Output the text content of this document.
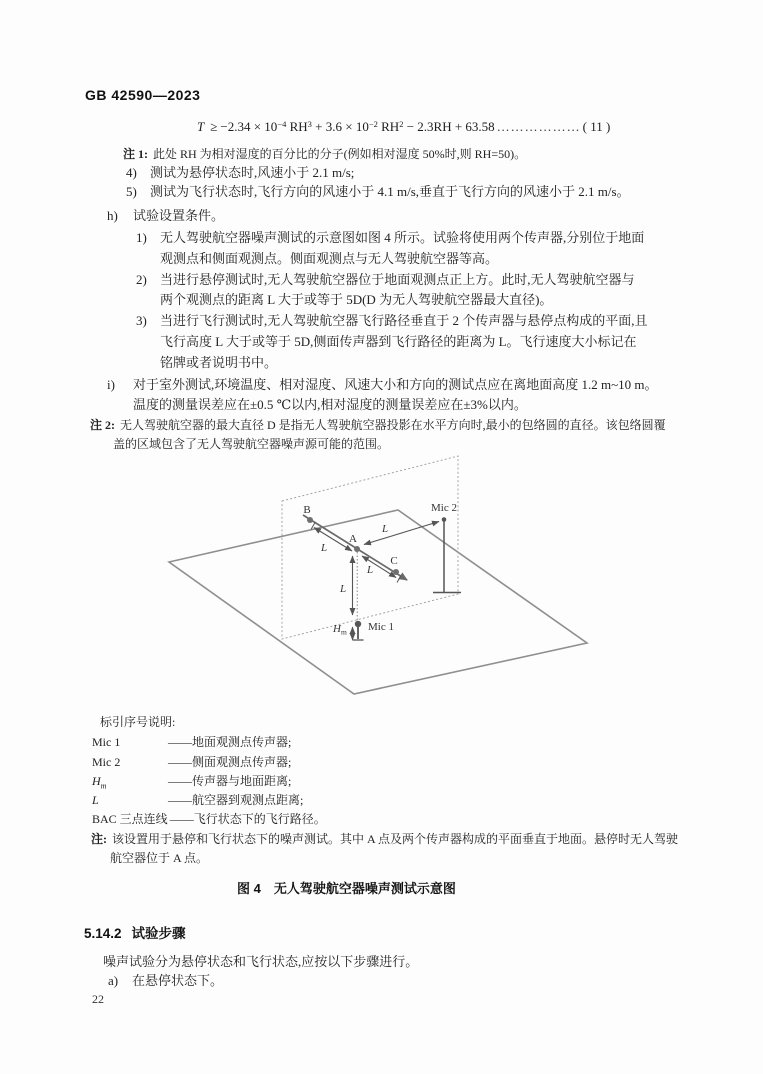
GB 42590—2023
$T \ge -2.34 \times 10^{-4}$ $RH^3 + 3.6 \times 10^{-2}$ $RH^2 - 2.3RH + 63.58$ ……………… ( 11 )
注 1: 此处 RH 为相对湿度的百分比的分子(例如相对湿度 50%时,则 RH=50)。
4) 测试为悬停状态时,风速小于 2.1 m/s;
5) 测试为飞行状态时,飞行方向的风速小于 4.1 m/s,垂直于飞行方向的风速小于 2.1 m/s。
h) 试验设置条件。
1) 无人驾驶航空器噪声测试的示意图如图 4 所示。试验将使用两个传声器,分别位于地面
观测点和侧面观测点。侧面观测点与无人驾驶航空器等高。
2) 当进行悬停测试时,无人驾驶航空器位于地面观测点正上方。此时,无人驾驶航空器与
两个观测点的距离 L 大于或等于 5D(D 为无人驾驶航空器最大直径)。
3) 当进行飞行测试时,无人驾驶航空器飞行路径垂直于 2 个传声器与悬停点构成的平面,且
飞行高度 L 大于或等于 5D,侧面传声器到飞行路径的距离为 L。飞行速度大小标记在
铭牌或者说明书中。
i) 对于室外测试,环境温度、相对湿度、风速大小和方向的测试点应在离地面高度 1.2 m~10 m。
温度的测量误差应在±0.5 ℃以内,相对湿度的测量误差应在±3%以内。
注 2: 无人驾驶航空器的最大直径 D 是指无人驾驶航空器投影在水平方向时,最小的包络圆的直径。该包络圆覆
盖的区域包含了无人驾驶航空器噪声源可能的范围。
B
A
C
Mic 2
Mic 1
L
L
L
L
$H_m$
标引序号说明:
Mic 1	——地面观测点传声器;
Mic 2	——侧面观测点传声器;
$H_m$	——传声器与地面距离;
L	——航空器到观测点距离;
BAC 三点连线 ——飞行状态下的飞行路径。
注: 该设置用于悬停和飞行状态下的噪声测试。其中 A 点及两个传声器构成的平面垂直于地面。悬停时无人驾驶
航空器位于 A 点。
图 4　无人驾驶航空器噪声测试示意图
5.14.2 试验步骤
噪声试验分为悬停状态和飞行状态,应按以下步骤进行。
a) 在悬停状态下。
22
